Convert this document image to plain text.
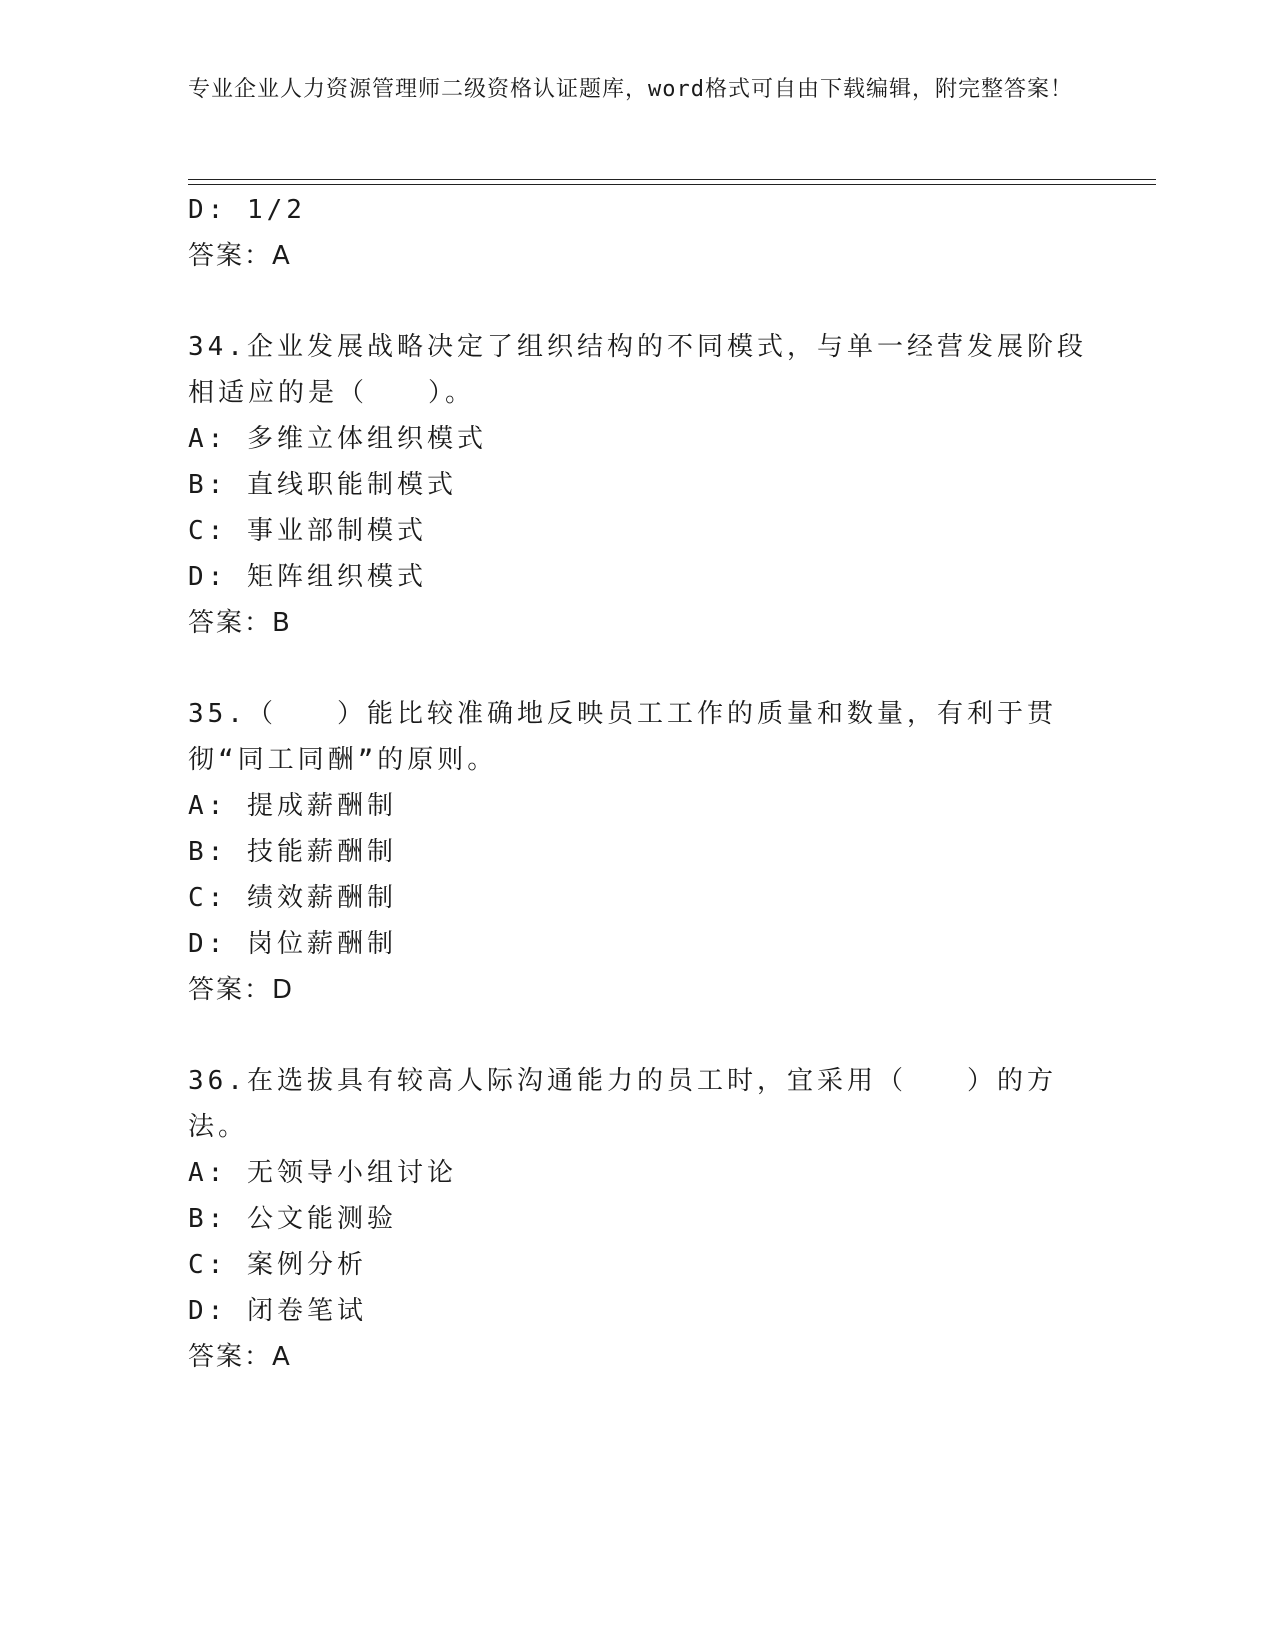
专业企业人力资源管理师二级资格认证题库，word格式可自由下载编辑，附完整答案！
D: 1/2
答案：A
34.企业发展战略决定了组织结构的不同模式，与单一经营发展阶段相适应的是（　　）。
A: 多维立体组织模式
B: 直线职能制模式
C: 事业部制模式
D: 矩阵组织模式
答案：B
35.（　　）能比较准确地反映员工工作的质量和数量，有利于贯彻“同工同酬”的原则。
A: 提成薪酬制
B: 技能薪酬制
C: 绩效薪酬制
D: 岗位薪酬制
答案：D
36.在选拔具有较高人际沟通能力的员工时，宜采用（　　）的方法。
A: 无领导小组讨论
B: 公文能测验
C: 案例分析
D: 闭卷笔试
答案：A
